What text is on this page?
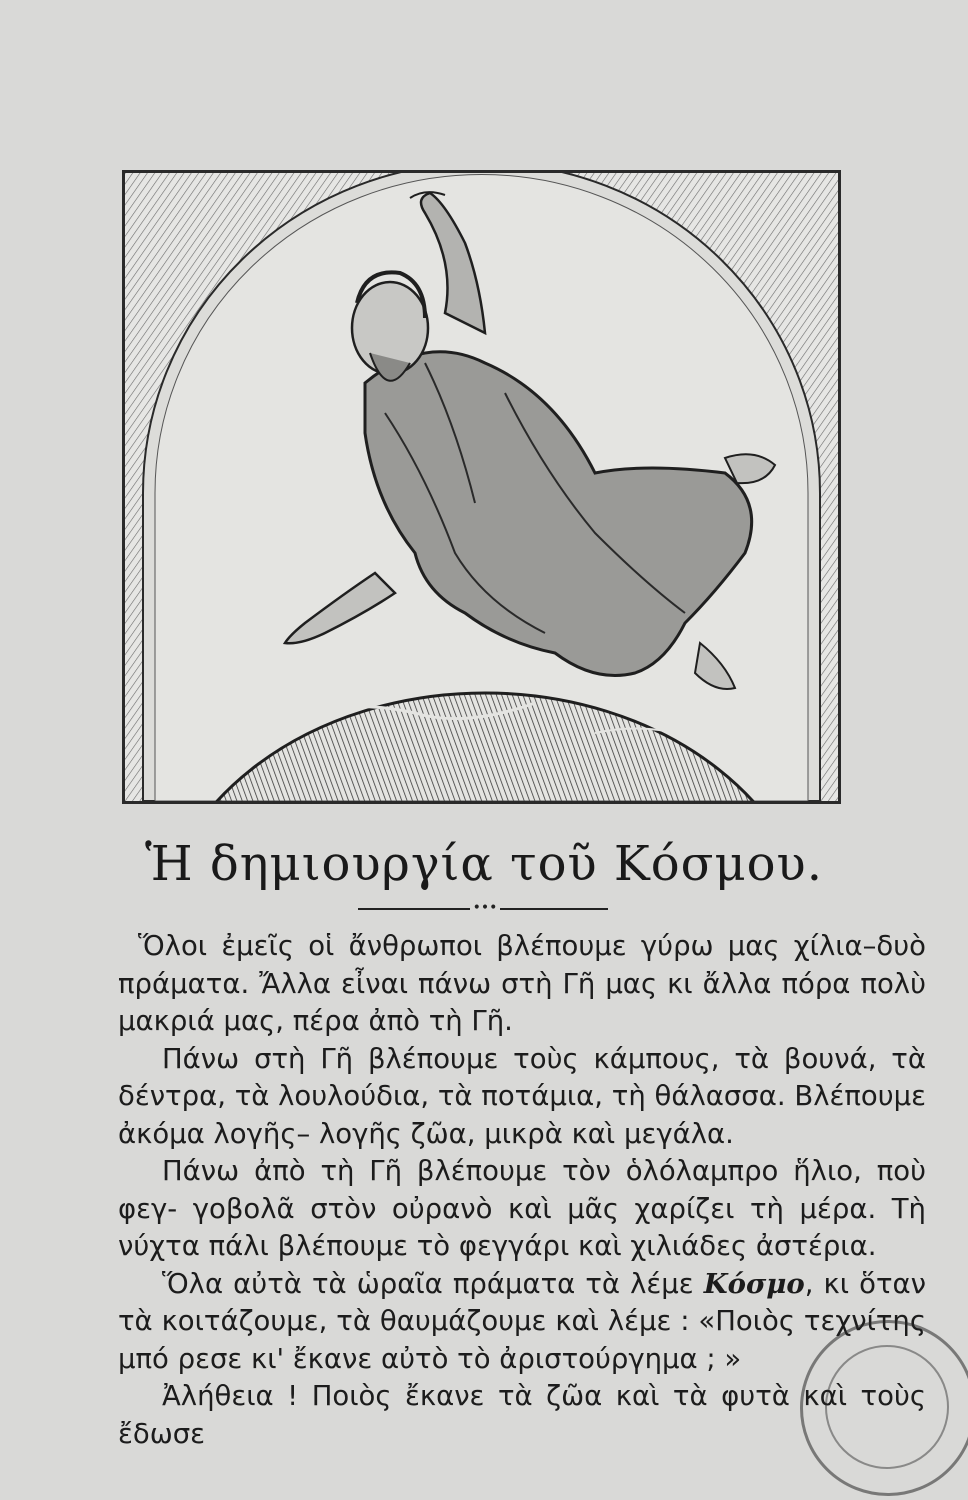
Ἡ δημιουργία τοῦ Κόσμου.
•••

Ὅλοι ἐμεῖς οἱ ἄνθρωποι βλέπουμε γύρω μας χίλια–δυὸ πράματα. Ἄλλα εἶναι πάνω στὴ Γῆ μας κι ἄλλα πόρα πολὺ μακριά μας, πέρα ἀπὸ τὴ Γῆ.

Πάνω στὴ Γῆ βλέπουμε τοὺς κάμπους, τὰ βουνά, τὰ δέντρα, τὰ λουλούδια, τὰ ποτάμια, τὴ θάλασσα. Βλέπουμε ἀκόμα λογῆς– λογῆς ζῶα, μικρὰ καὶ μεγάλα.

Πάνω ἀπὸ τὴ Γῆ βλέπουμε τὸν ὁλόλαμπρο ἥλιο, ποὺ φεγ- γοβολᾶ στὸν οὐρανὸ καὶ μᾶς χαρίζει τὴ μέρα. Τὴ νύχτα πάλι βλέπουμε τὸ φεγγάρι καὶ χιλιάδες ἀστέρια.

Ὅλα αὐτὰ τὰ ὡραῖα πράματα τὰ λέμε Κόσμο, κι ὅταν τὰ κοιτάζουμε, τὰ θαυμάζουμε καὶ λέμε : «Ποιὸς τεχνίτης μπό ρεσε κι' ἔκανε αὐτὸ τὸ ἀριστούργημα ; »

Ἀλήθεια ! Ποιὸς ἔκανε τὰ ζῶα καὶ τὰ φυτὰ καὶ τοὺς ἔδωσε
